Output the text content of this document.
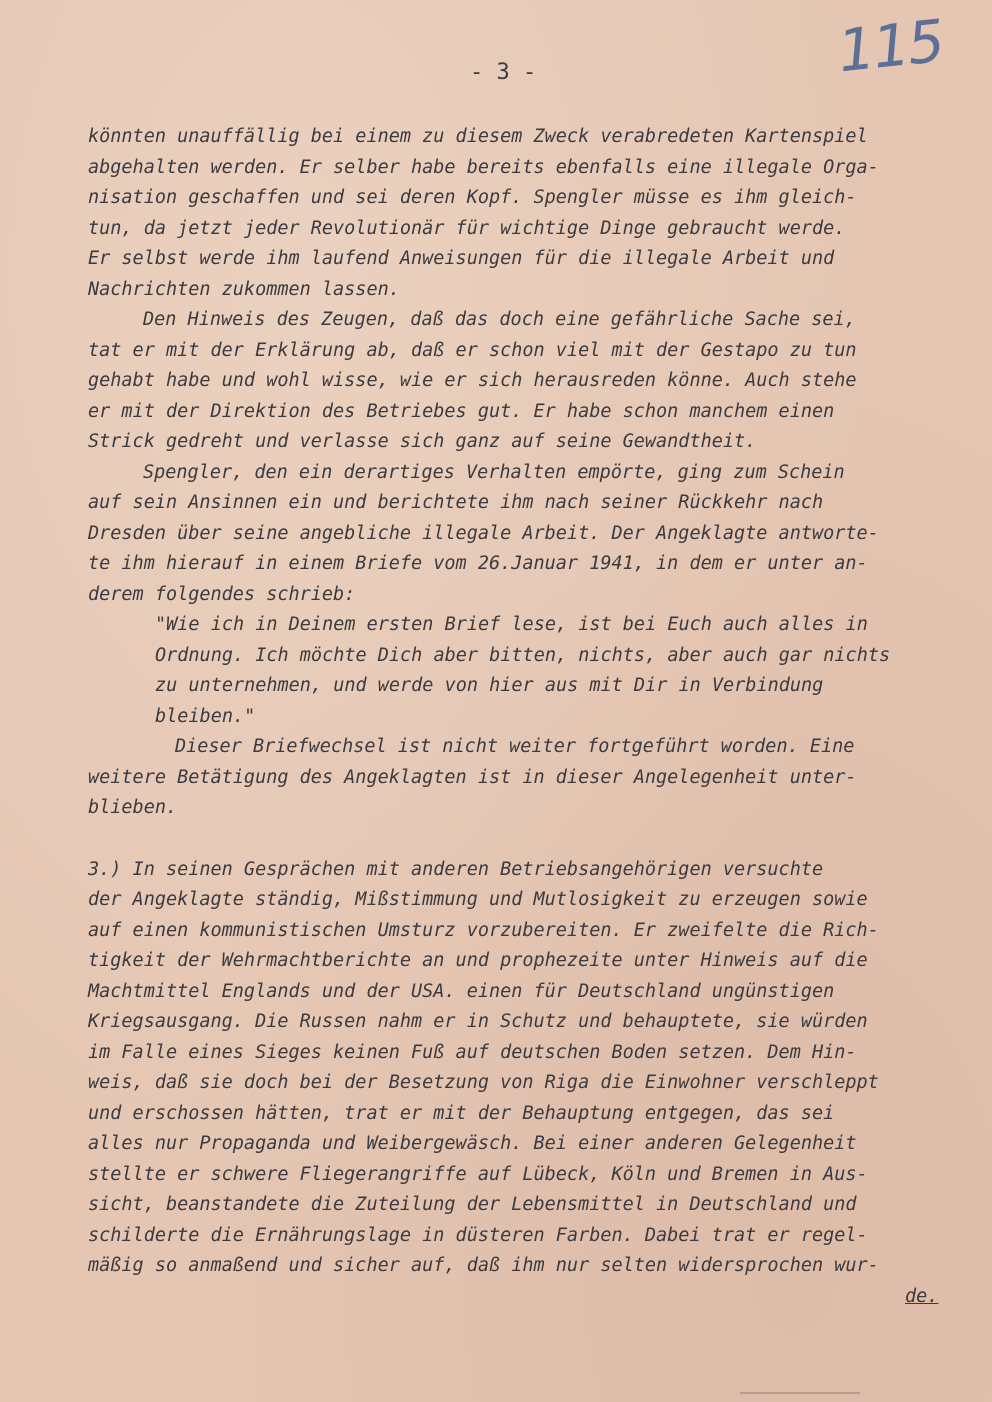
115
- 3 -

könnten unauffällig bei einem zu diesem Zweck verabredeten Kartenspiel

abgehalten werden. Er selber habe bereits ebenfalls eine illegale Orga-

nisation geschaffen und sei deren Kopf. Spengler müsse es ihm gleich-

tun, da jetzt jeder Revolutionär für wichtige Dinge gebraucht werde.

Er selbst werde ihm laufend Anweisungen für die illegale Arbeit und

Nachrichten zukommen lassen.

Den Hinweis des Zeugen, daß das doch eine gefährliche Sache sei,

tat er mit der Erklärung ab, daß er schon viel mit der Gestapo zu tun

gehabt habe und wohl wisse, wie er sich herausreden könne. Auch stehe

er mit der Direktion des Betriebes gut. Er habe schon manchem einen

Strick gedreht und verlasse sich ganz auf seine Gewandtheit.

Spengler, den ein derartiges Verhalten empörte, ging zum Schein

auf sein Ansinnen ein und berichtete ihm nach seiner Rückkehr nach

Dresden über seine angebliche illegale Arbeit. Der Angeklagte antworte-

te ihm hierauf in einem Briefe vom 26.Januar 1941, in dem er unter an-

derem folgendes schrieb:

"Wie ich in Deinem ersten Brief lese, ist bei Euch auch alles in

Ordnung. Ich möchte Dich aber bitten, nichts, aber auch gar nichts

zu unternehmen, und werde von hier aus mit Dir in Verbindung

bleiben."

Dieser Briefwechsel ist nicht weiter fortgeführt worden. Eine

weitere Betätigung des Angeklagten ist in dieser Angelegenheit unter-

blieben.

3.) In seinen Gesprächen mit anderen Betriebsangehörigen versuchte

der Angeklagte ständig, Mißstimmung und Mutlosigkeit zu erzeugen sowie

auf einen kommunistischen Umsturz vorzubereiten. Er zweifelte die Rich-

tigkeit der Wehrmachtberichte an und prophezeite unter Hinweis auf die

Machtmittel Englands und der USA. einen für Deutschland ungünstigen

Kriegsausgang. Die Russen nahm er in Schutz und behauptete, sie würden

im Falle eines Sieges keinen Fuß auf deutschen Boden setzen. Dem Hin-

weis, daß sie doch bei der Besetzung von Riga die Einwohner verschleppt

und erschossen hätten, trat er mit der Behauptung entgegen, das sei

alles nur Propaganda und Weibergewäsch. Bei einer anderen Gelegenheit

stellte er schwere Fliegerangriffe auf Lübeck, Köln und Bremen in Aus-

sicht, beanstandete die Zuteilung der Lebensmittel in Deutschland und

schilderte die Ernährungslage in düsteren Farben. Dabei trat er regel-

mäßig so anmaßend und sicher auf, daß ihm nur selten widersprochen wur-

de.
